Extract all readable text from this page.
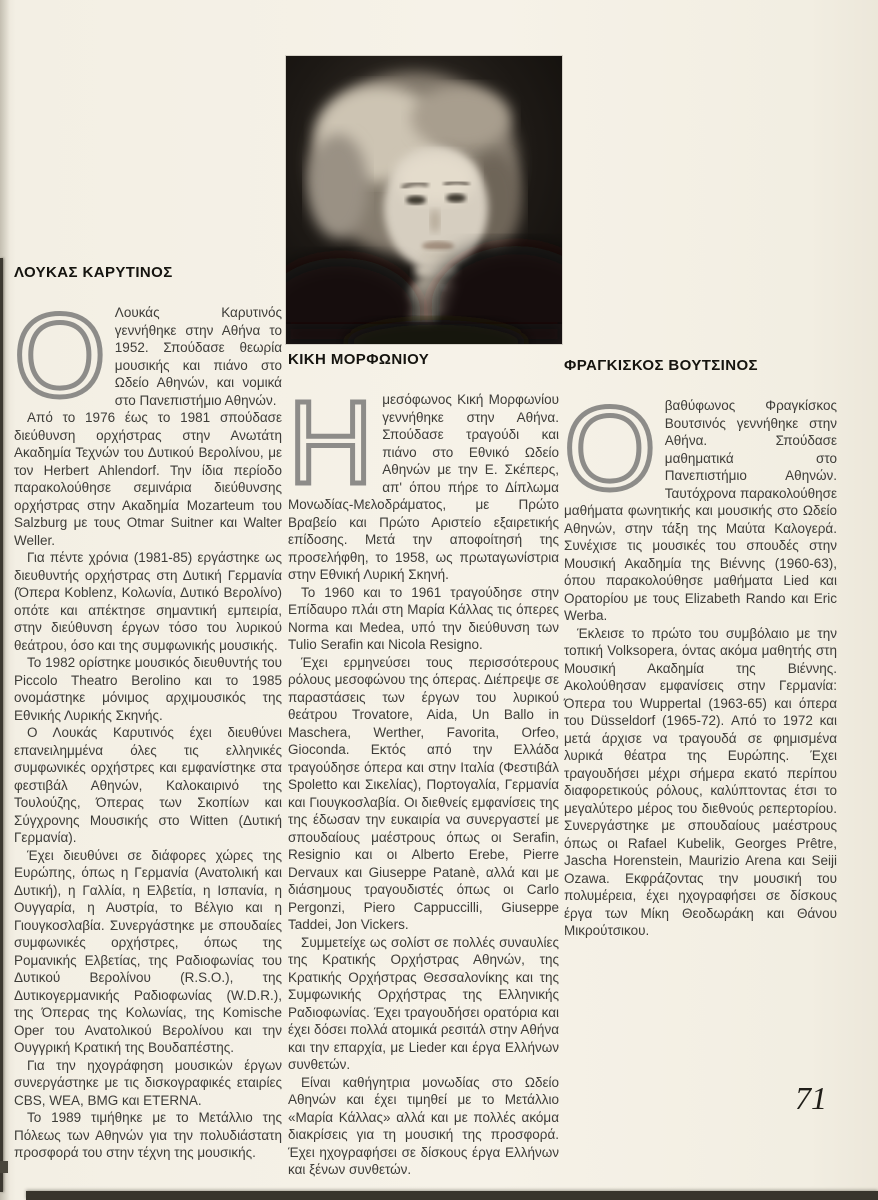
ΛΟΥΚΑΣ ΚΑΡΥΤΙΝΟΣ

Ο Λουκάς Καρυτινός γεννήθηκε στην Αθήνα το 1952. Σπούδασε θεωρία μουσικής και πιάνο στο Ωδείο Αθηνών, και νομικά στο Πανεπιστήμιο Αθηνών.

Από το 1976 έως το 1981 σπούδασε διεύθυνση ορχήστρας στην Ανωτάτη Ακαδημία Τεχνών του Δυτικού Βερολίνου, με τον Herbert Ahlendorf. Την ίδια περίοδο παρακολούθησε σεμινάρια διεύθυνσης ορχήστρας στην Ακαδημία Mozarteum του Salzburg με τους Otmar Suitner και Walter Weller.

Για πέντε χρόνια (1981-85) εργάστηκε ως διευθυντής ορχήστρας στη Δυτική Γερμανία (Όπερα Koblenz, Κολωνία, Δυτικό Βερολίνο) οπότε και απέκτησε σημαντική εμπειρία, στην διεύθυνση έργων τόσο του λυρικού θεάτρου, όσο και της συμφωνικής μουσικής.

Το 1982 ορίστηκε μουσικός διευθυντής του Piccolo Theatro Berolino και το 1985 ονομάστηκε μόνιμος αρχιμουσικός της Εθνικής Λυρικής Σκηνής.

Ο Λουκάς Καρυτινός έχει διευθύνει επανειλημμένα όλες τις ελληνικές συμφωνικές ορχήστρες και εμφανίστηκε στα φεστιβάλ Αθηνών, Καλοκαιρινό της Τουλούζης, Όπερας των Σκοπίων και Σύγχρονης Μουσικής στο Witten (Δυτική Γερμανία).

Έχει διευθύνει σε διάφορες χώρες της Ευρώπης, όπως η Γερμανία (Ανατολική και Δυτική), η Γαλλία, η Ελβετία, η Ισπανία, η Ουγγαρία, η Αυστρία, το Βέλγιο και η Γιουγκοσλαβία. Συνεργάστηκε με σπουδαίες συμφωνικές ορχήστρες, όπως της Ρομανικής Ελβετίας, της Ραδιοφωνίας του Δυτικού Βερολίνου (R.S.O.), της Δυτικογερμανικής Ραδιοφωνίας (W.D.R.), της Όπερας της Κολωνίας, της Komische Oper του Ανατολικού Βερολίνου και την Ουγγρική Κρατική της Βουδαπέστης.

Για την ηχογράφηση μουσικών έργων συνεργάστηκε με τις δισκογραφικές εταιρίες CBS, WEA, BMG και ETERNA.

Το 1989 τιμήθηκε με το Μετάλλιο της Πόλεως των Αθηνών για την πολυδιάστατη προσφορά του στην τέχνη της μουσικής.

ΚΙΚΗ ΜΟΡΦΩΝΙΟΥ

Ημεσόφωνος Κική Μορφωνίου γεννήθηκε στην Αθήνα. Σπούδασε τραγούδι και πιάνο στο Εθνικό Ωδείο Αθηνών με την Ε. Σκέπερς, απ' όπου πήρε το Δίπλωμα Μονωδίας-Μελοδράματος, με Πρώτο Βραβείο και Πρώτο Αριστείο εξαιρετικής επίδοσης. Μετά την αποφοίτησή της προσελήφθη, το 1958, ως πρωταγωνίστρια στην Εθνική Λυρική Σκηνή.

Το 1960 και το 1961 τραγούδησε στην Επίδαυρο πλάι στη Μαρία Κάλλας τις όπερες Norma και Medea, υπό την διεύθυνση των Tulio Serafin και Nicola Resigno.

Έχει ερμηνεύσει τους περισσότερους ρόλους μεσοφώνου της όπερας. Διέπρεψε σε παραστάσεις των έργων του λυρικού θεάτρου Trovatore, Aida, Un Ballo in Maschera, Werther, Favorita, Orfeo, Gioconda. Εκτός από την Ελλάδα τραγούδησε όπερα και στην Ιταλία (Φεστιβάλ Spoletto και Σικελίας), Πορτογαλία, Γερμανία και Γιουγκοσλαβία. Οι διεθνείς εμφανίσεις της της έδωσαν την ευκαιρία να συνεργαστεί με σπουδαίους μαέστρους όπως οι Serafin, Resignio και οι Alberto Erebe, Pierre Dervaux και Giuseppe Patanè, αλλά και με διάσημους τραγουδιστές όπως οι Carlo Pergonzi, Piero Cappuccilli, Giuseppe Taddei, Jon Vickers.

Συμμετείχε ως σολίστ σε πολλές συναυλίες της Κρατικής Ορχήστρας Αθηνών, της Κρατικής Ορχήστρας Θεσσαλονίκης και της Συμφωνικής Ορχήστρας της Ελληνικής Ραδιοφωνίας. Έχει τραγουδήσει ορατόρια και έχει δόσει πολλά ατομικά ρεσιτάλ στην Αθήνα και την επαρχία, με Lieder και έργα Ελλήνων συνθετών.

Είναι καθήγητρια μονωδίας στο Ωδείο Αθηνών και έχει τιμηθεί με το Μετάλλιο «Μαρία Κάλλας» αλλά και με πολλές ακόμα διακρίσεις για τη μουσική της προσφορά. Έχει ηχογραφήσει σε δίσκους έργα Ελλήνων και ξένων συνθετών.

ΦΡΑΓΚΙΣΚΟΣ ΒΟΥΤΣΙΝΟΣ

Οβαθύφωνος Φραγκίσκος Βουτσινός γεννήθηκε στην Αθήνα. Σπούδασε μαθηματικά στο Πανεπιστήμιο Αθηνών. Ταυτόχρονα παρακολούθησε μαθήματα φωνητικής και μουσικής στο Ωδείο Αθηνών, στην τάξη της Μαύτα Καλογερά. Συνέχισε τις μουσικές του σπουδές στην Μουσική Ακαδημία της Βιέννης (1960-63), όπου παρακολούθησε μαθήματα Lied και Ορατορίου με τους Elizabeth Rando και Eric Werba.

Έκλεισε το πρώτο του συμβόλαιο με την τοπική Volksopera, όντας ακόμα μαθητής στη Μουσική Ακαδημία της Βιέννης. Ακολούθησαν εμφανίσεις στην Γερμανία: Όπερα του Wuppertal (1963-65) και όπερα του Düsseldorf (1965-72). Από το 1972 και μετά άρχισε να τραγουδά σε φημισμένα λυρικά θέατρα της Ευρώπης. Έχει τραγουδήσει μέχρι σήμερα εκατό περίπου διαφορετικούς ρόλους, καλύπτοντας έτσι το μεγαλύτερο μέρος του διεθνούς ρεπερτορίου. Συνεργάστηκε με σπουδαίους μαέστρους όπως οι Rafael Kubelik, Georges Prêtre, Jascha Horenstein, Maurizio Arena και Seiji Ozawa. Εκφράζοντας την μουσική του πολυμέρεια, έχει ηχογραφήσει σε δίσκους έργα των Μίκη Θεοδωράκη και Θάνου Μικρούτσικου.

71
